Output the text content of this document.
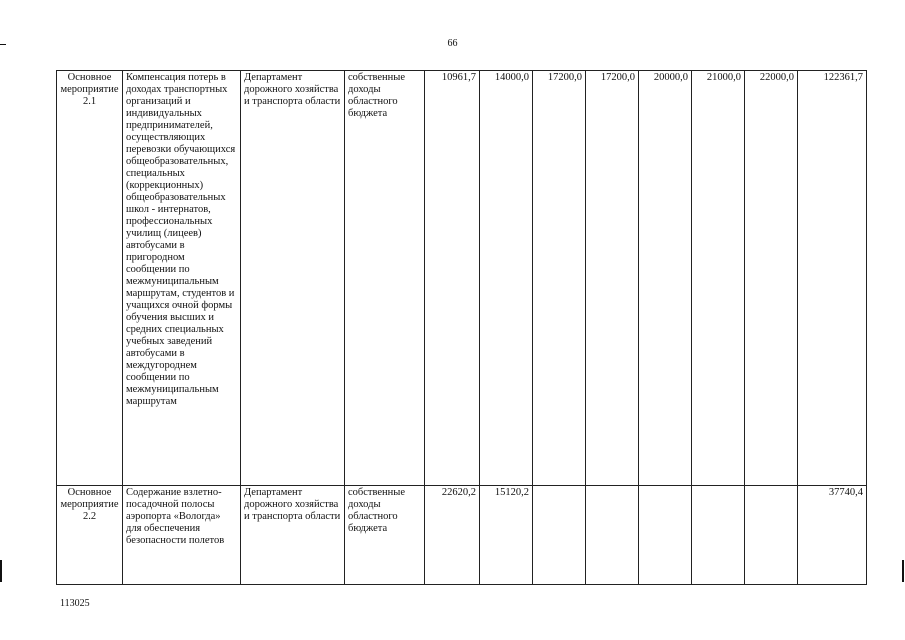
66
Основное мероприятие 2.1	Компенсация потерь в доходах транспортных организаций и индивидуальных предпринимателей, осуществляющих перевозки обучающихся общеобразовательных, специальных (коррекционных) общеобразовательных школ - интернатов, профессиональных училищ (лицеев) автобусами в пригородном сообщении по межмуниципальным маршрутам, студентов и учащихся очной формы обучения высших и средних специальных учебных заведений автобусами в междугороднем сообщении по межмуниципальным маршрутам	Департамент дорожного хозяйства и транспорта области	собственные доходы областного бюджета	10961,7	14000,0	17200,0	17200,0	20000,0	21000,0	22000,0	122361,7
Основное мероприятие 2.2	Содержание взлетно-посадочной полосы аэропорта «Вологда» для обеспечения безопасности полетов	Департамент дорожного хозяйства и транспорта области	собственные доходы областного бюджета	22620,2	15120,2						37740,4
113025
